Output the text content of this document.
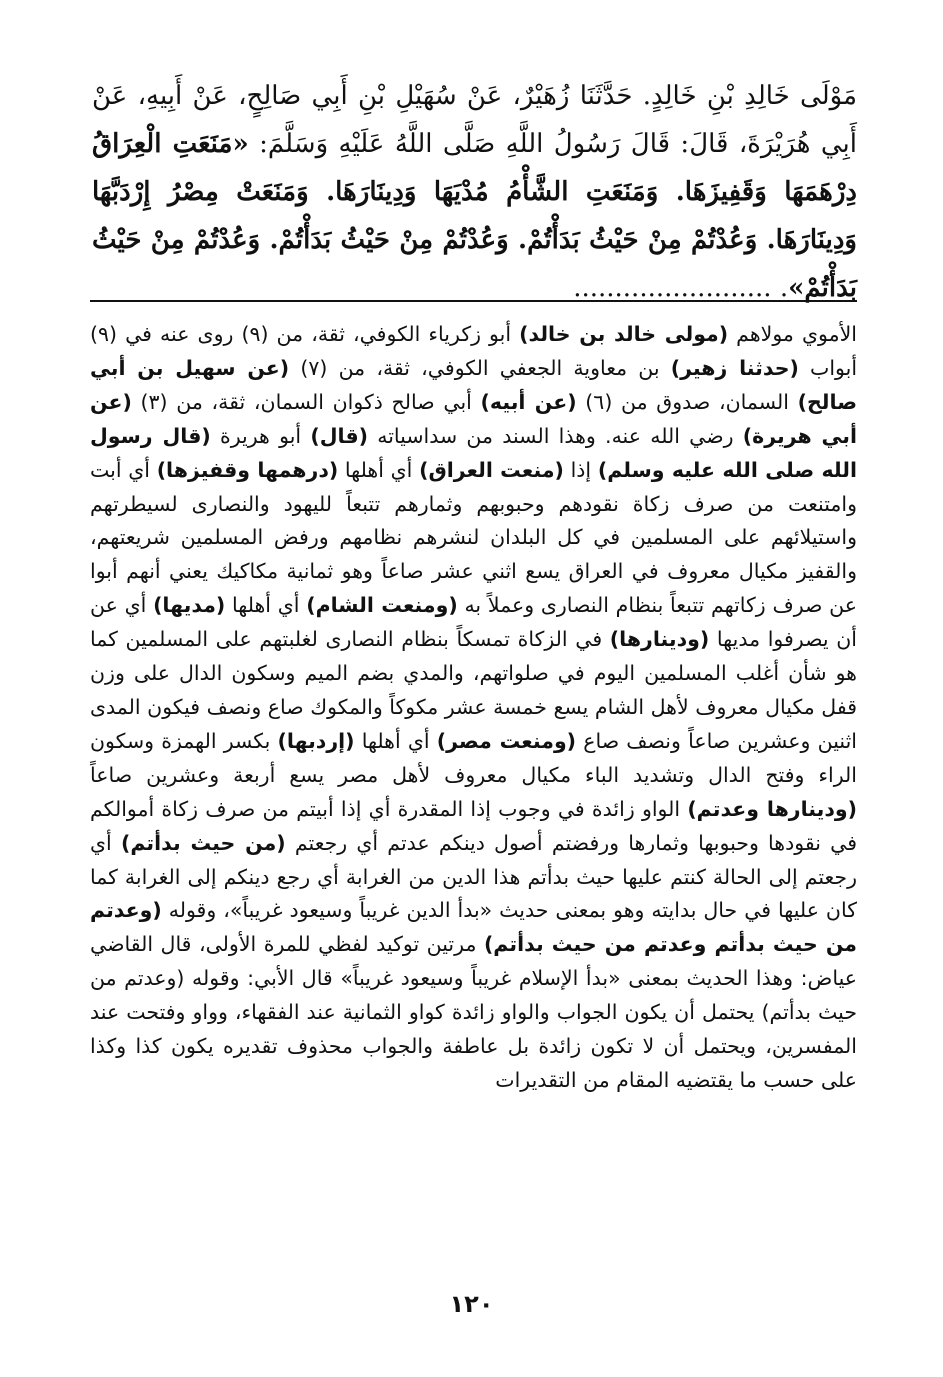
مَوْلَى خَالِدِ بْنِ خَالِدٍ. حَدَّثَنَا زُهَيْرٌ، عَنْ سُهَيْلِ بْنِ أَبِي صَالِحٍ، عَنْ أَبِيهِ، عَنْ أَبِي هُرَيْرَةَ، قَالَ: قَالَ رَسُولُ اللَّهِ صَلَّى اللَّهُ عَلَيْهِ وَسَلَّمَ: «مَنَعَتِ الْعِرَاقُ دِرْهَمَهَا وَقَفِيزَهَا. وَمَنَعَتِ الشَّأْمُ مُدْيَهَا وَدِينَارَهَا. وَمَنَعَتْ مِصْرُ إِرْدَبَّهَا وَدِينَارَهَا. وَعُدْتُمْ مِنْ حَيْثُ بَدَأْتُمْ. وَعُدْتُمْ مِنْ حَيْثُ بَدَأْتُمْ. وَعُدْتُمْ مِنْ حَيْثُ بَدَأْتُمْ». ........................
الأموي مولاهم (مولى خالد بن خالد) أبو زكرياء الكوفي، ثقة، من (٩) روى عنه في (٩) أبواب (حدثنا زهير) بن معاوية الجعفي الكوفي، ثقة، من (٧) (عن سهيل بن أبي صالح) السمان، صدوق من (٦) (عن أبيه) أبي صالح ذكوان السمان، ثقة، من (٣) (عن أبي هريرة) رضي الله عنه. وهذا السند من سداسياته (قال) أبو هريرة (قال رسول الله صلى الله عليه وسلم) إذا (منعت العراق) أي أهلها (درهمها وقفيزها) أي أبت وامتنعت من صرف زكاة نقودهم وحبوبهم وثمارهم تتبعاً لليهود والنصارى لسيطرتهم واستيلائهم على المسلمين في كل البلدان لنشرهم نظامهم ورفض المسلمين شريعتهم، والقفيز مكيال معروف في العراق يسع اثني عشر صاعاً وهو ثمانية مكاكيك يعني أنهم أبوا عن صرف زكاتهم تتبعاً بنظام النصارى وعملاً به (ومنعت الشام) أي أهلها (مديها) أي عن أن يصرفوا مديها (ودينارها) في الزكاة تمسكاً بنظام النصارى لغلبتهم على المسلمين كما هو شأن أغلب المسلمين اليوم في صلواتهم، والمدي بضم الميم وسكون الدال على وزن قفل مكيال معروف لأهل الشام يسع خمسة عشر مكوكاً والمكوك صاع ونصف فيكون المدى اثنين وعشرين صاعاً ونصف صاع (ومنعت مصر) أي أهلها (إردبها) بكسر الهمزة وسكون الراء وفتح الدال وتشديد الباء مكيال معروف لأهل مصر يسع أربعة وعشرين صاعاً (ودينارها وعدتم) الواو زائدة في وجوب إذا المقدرة أي إذا أبيتم من صرف زكاة أموالكم في نقودها وحبوبها وثمارها ورفضتم أصول دينكم عدتم أي رجعتم (من حيث بدأتم) أي رجعتم إلى الحالة كنتم عليها حيث بدأتم هذا الدين من الغرابة أي رجع دينكم إلى الغرابة كما كان عليها في حال بدايته وهو بمعنى حديث «بدأ الدين غريباً وسيعود غريباً»، وقوله (وعدتم من حيث بدأتم وعدتم من حيث بدأتم) مرتين توكيد لفظي للمرة الأولى، قال القاضي عياض: وهذا الحديث بمعنى «بدأ الإسلام غريباً وسيعود غريباً» قال الأبي: وقوله (وعدتم من حيث بدأتم) يحتمل أن يكون الجواب والواو زائدة كواو الثمانية عند الفقهاء، وواو وفتحت عند المفسرين، ويحتمل أن لا تكون زائدة بل عاطفة والجواب محذوف تقديره يكون كذا وكذا على حسب ما يقتضيه المقام من التقديرات
١٢٠
